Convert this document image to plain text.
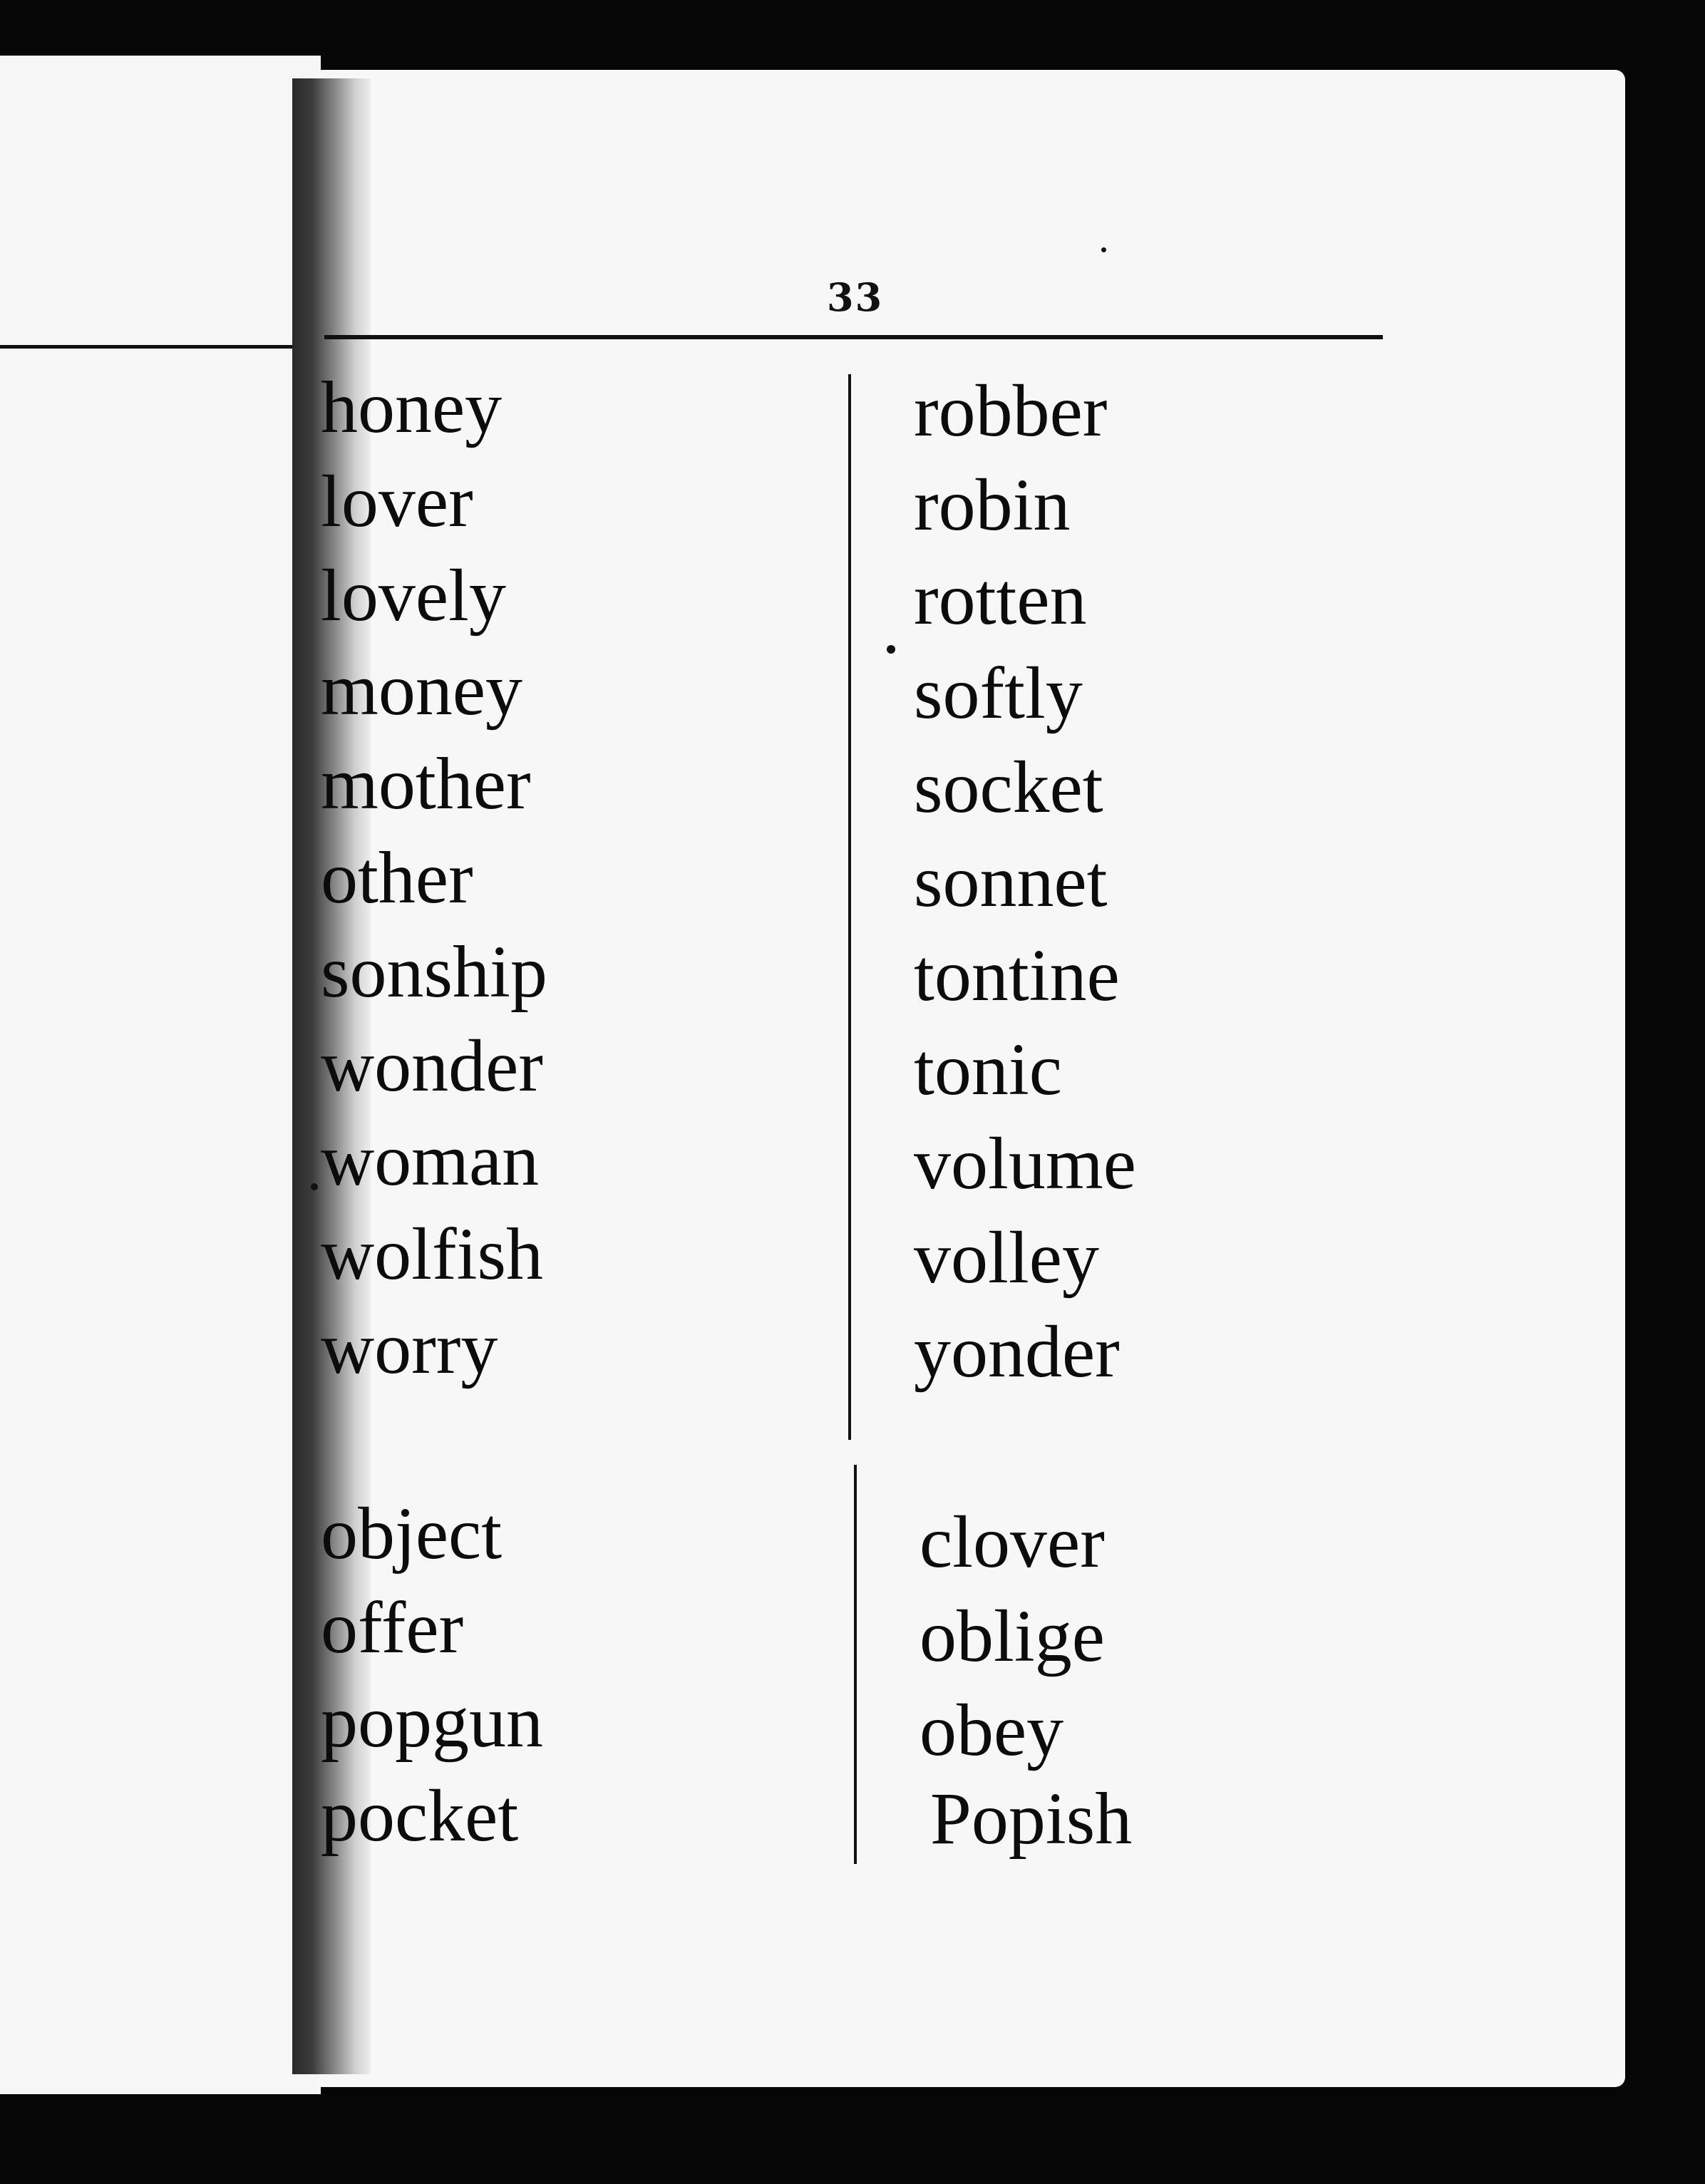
33
honey
lover
lovely
money
mother
other
sonship
wonder
woman
wolfish
worry
object
offer
popgun
pocket
robber
robin
rotten
softly
socket
sonnet
tontine
tonic
volume
volley
yonder
clover
oblige
obey
Popish
